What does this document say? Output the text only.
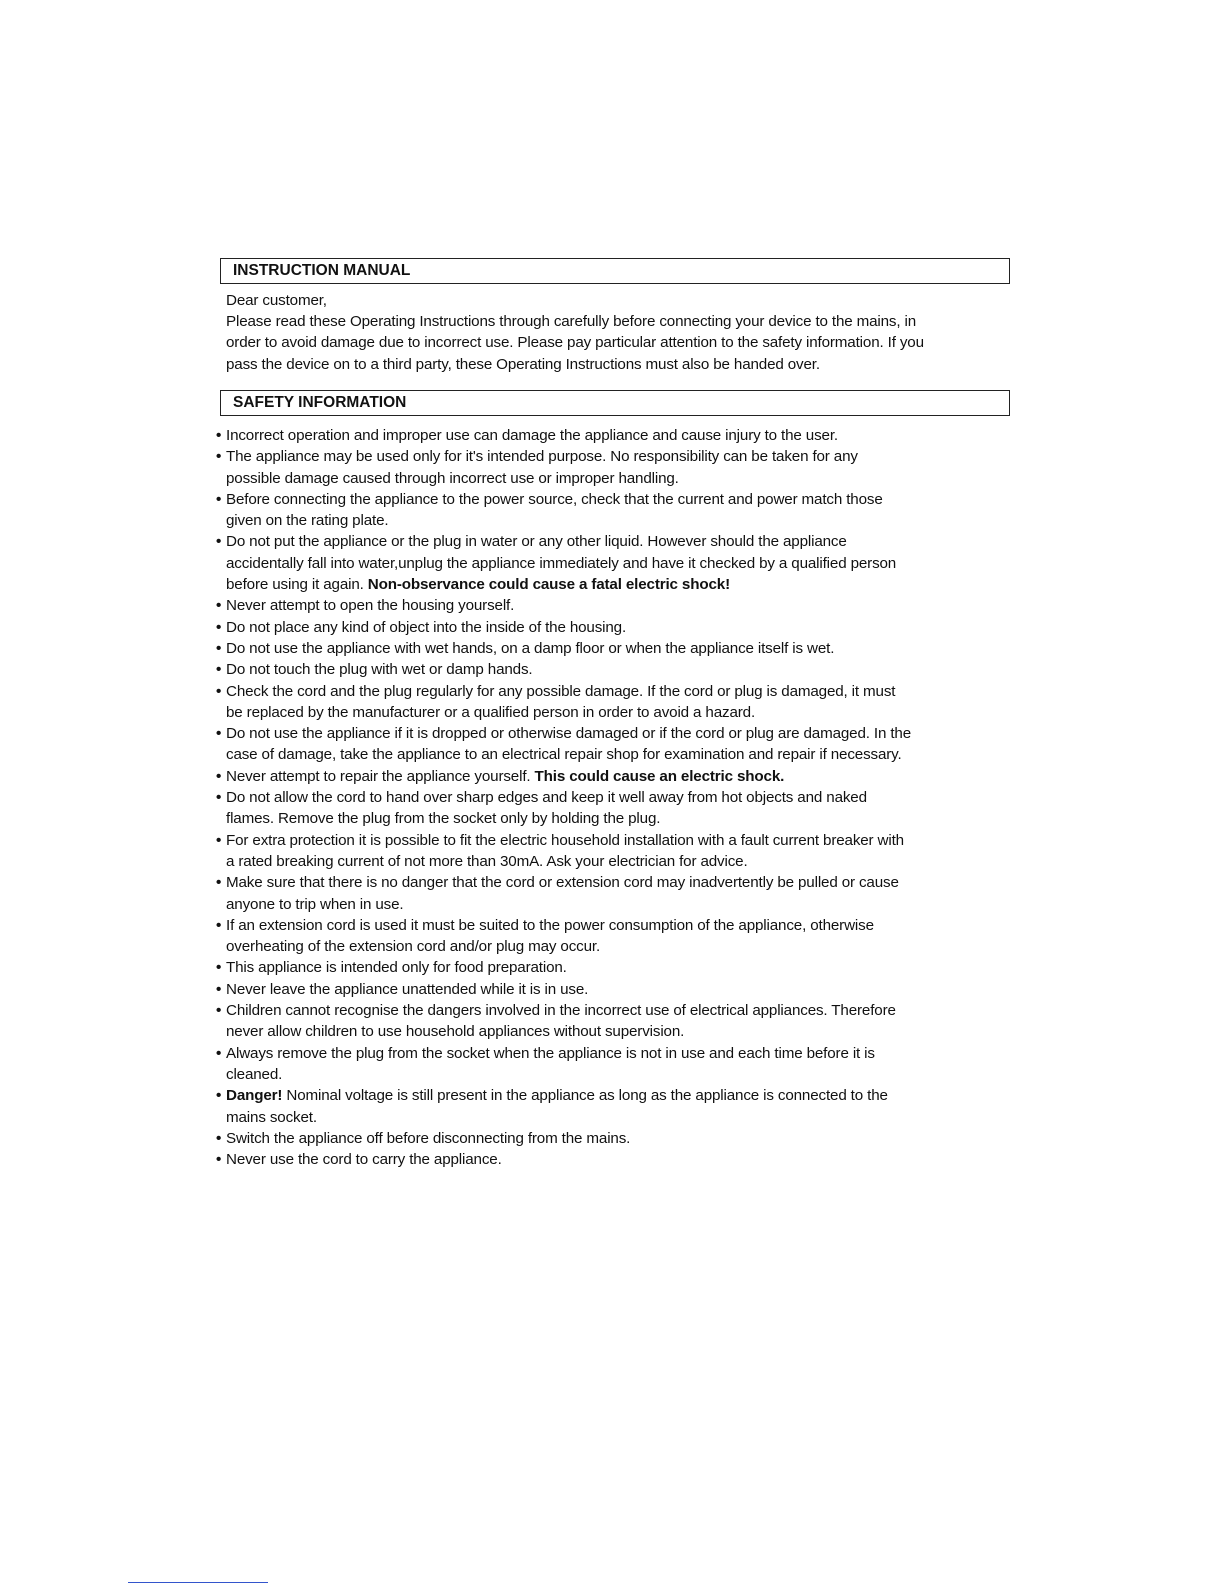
INSTRUCTION MANUAL

Dear customer,

Please read these Operating Instructions through carefully before connecting your device to the mains, in

order to avoid damage due to incorrect use. Please pay particular attention to the safety information. If you

pass the device on to a third party, these Operating Instructions must also be handed over.

SAFETY INFORMATION
• Incorrect operation and improper use can damage the appliance and cause injury to the user.
• The appliance may be used only for it's intended purpose. No responsibility can be taken for any
possible damage caused through incorrect use or improper handling.
• Before connecting the appliance to the power source, check that the current and power match those
given on the rating plate.
• Do not put the appliance or the plug in water or any other liquid. However should the appliance
accidentally fall into water,unplug the appliance immediately and have it checked by a qualified person
before using it again. Non-observance could cause a fatal electric shock!
• Never attempt to open the housing yourself.
• Do not place any kind of object into the inside of the housing.
• Do not use the appliance with wet hands, on a damp floor or when the appliance itself is wet.
• Do not touch the plug with wet or damp hands.
• Check the cord and the plug regularly for any possible damage. If the cord or plug is damaged, it must
be replaced by the manufacturer or a qualified person in order to avoid a hazard.
• Do not use the appliance if it is dropped or otherwise damaged or if the cord or plug are damaged. In the
case of damage, take the appliance to an electrical repair shop for examination and repair if necessary.
• Never attempt to repair the appliance yourself. This could cause an electric shock.
• Do not allow the cord to hand over sharp edges and keep it well away from hot objects and naked
flames. Remove the plug from the socket only by holding the plug.
• For extra protection it is possible to fit the electric household installation with a fault current breaker with
a rated breaking current of not more than 30mA. Ask your electrician for advice.
• Make sure that there is no danger that the cord or extension cord may inadvertently be pulled or cause
anyone to trip when in use.
• If an extension cord is used it must be suited to the power consumption of the appliance, otherwise
overheating of the extension cord and/or plug may occur.
• This appliance is intended only for food preparation.
• Never leave the appliance unattended while it is in use.
• Children cannot recognise the dangers involved in the incorrect use of electrical appliances. Therefore
never allow children to use household appliances without supervision.
• Always remove the plug from the socket when the appliance is not in use and each time before it is
cleaned.
• Danger! Nominal voltage is still present in the appliance as long as the appliance is connected to the
mains socket.
• Switch the appliance off before disconnecting from the mains.
• Never use the cord to carry the appliance.
